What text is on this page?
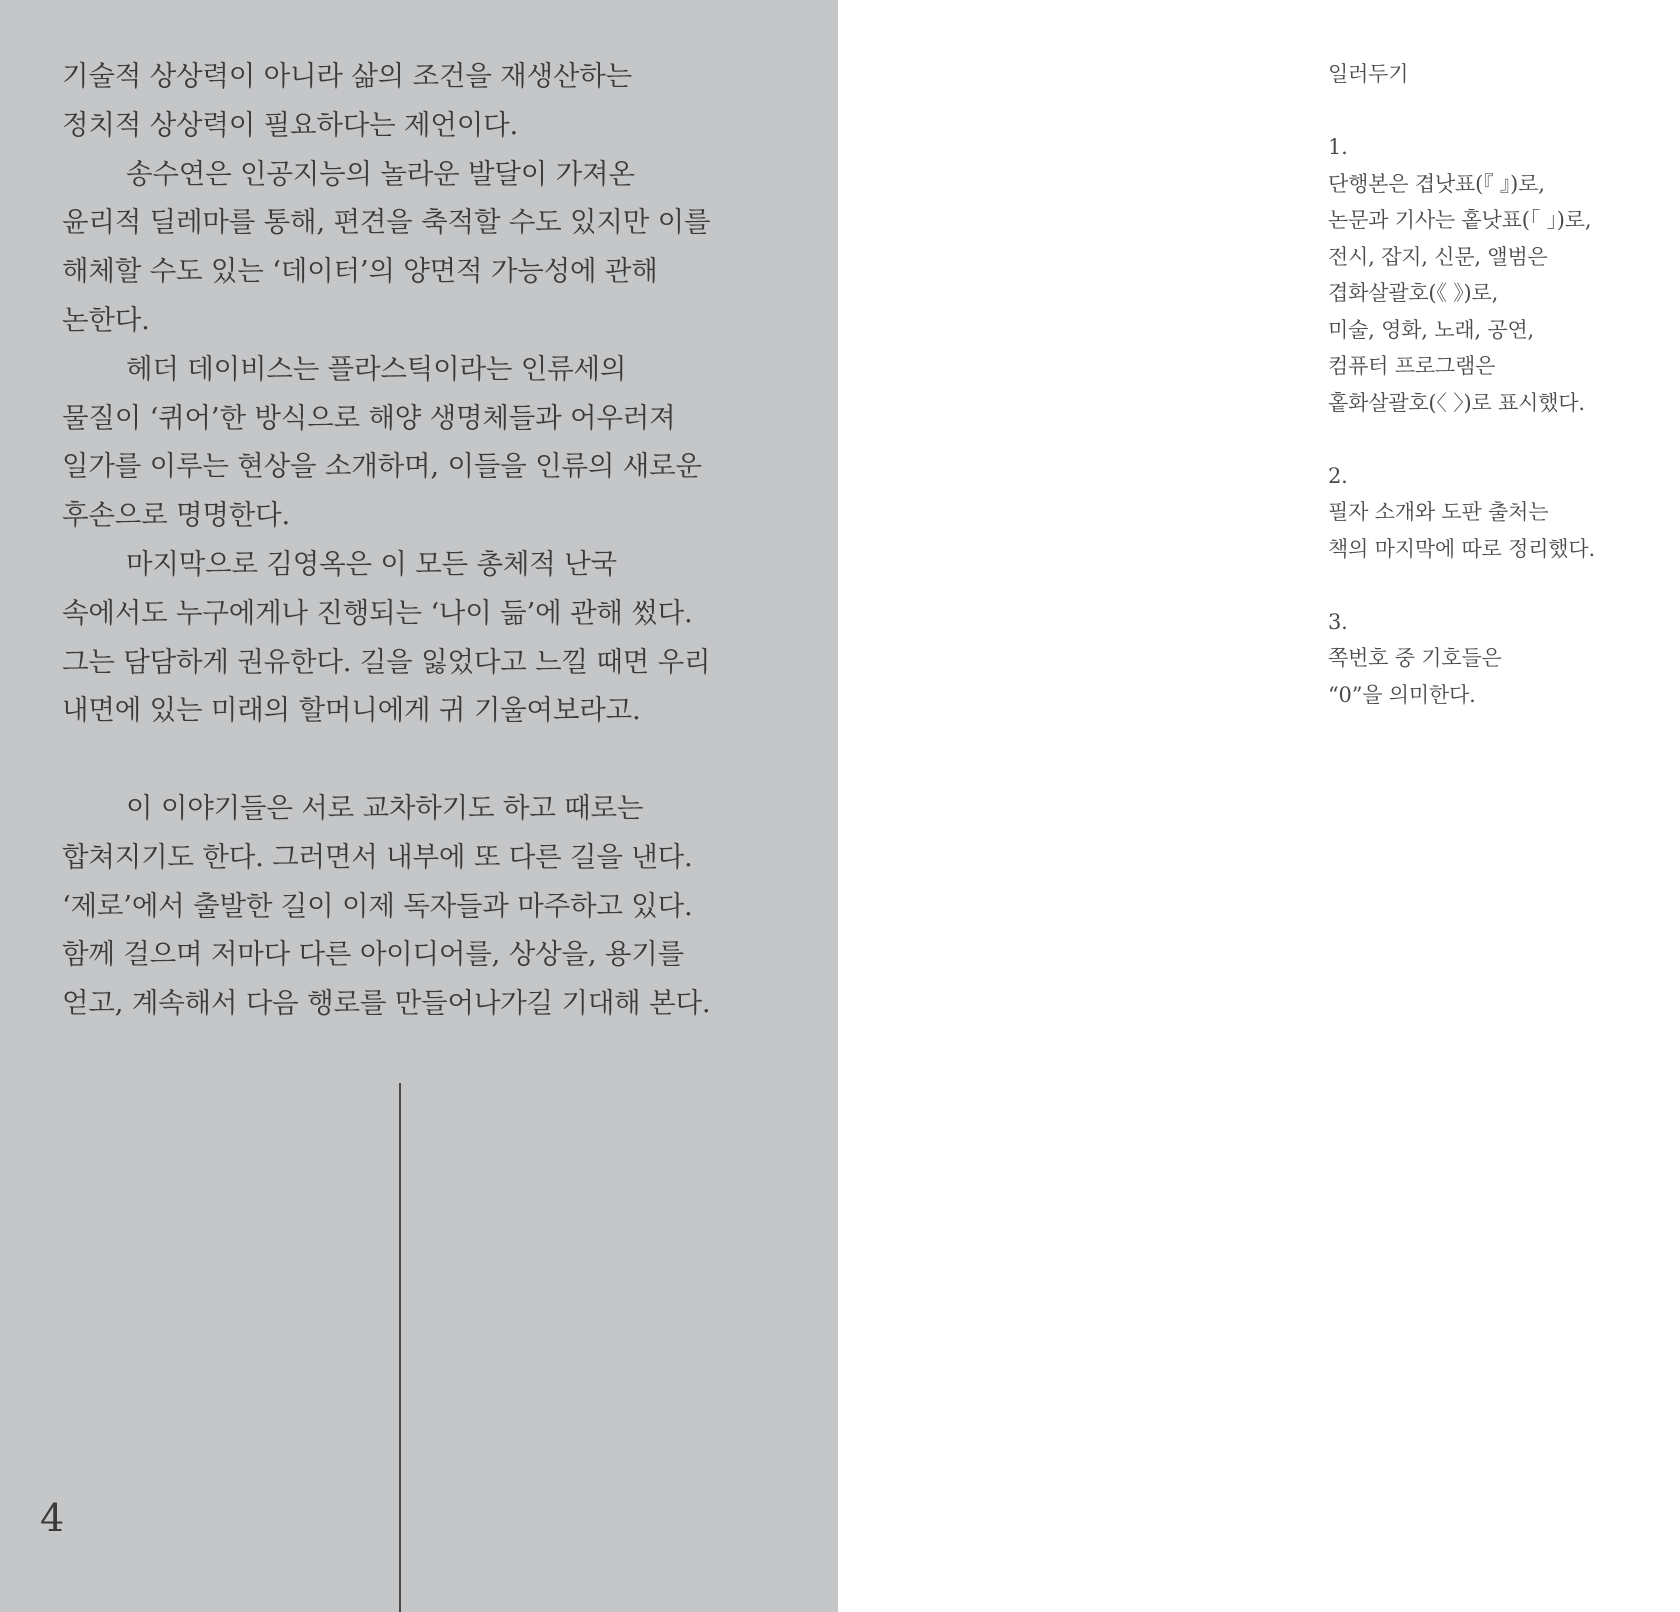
기술적 상상력이 아니라 삶의 조건을 재생산하는

정치적 상상력이 필요하다는 제언이다.

송수연은 인공지능의 놀라운 발달이 가져온

윤리적 딜레마를 통해, 편견을 축적할 수도 있지만 이를

해체할 수도 있는 ‘데이터’의 양면적 가능성에 관해

논한다.

헤더 데이비스는 플라스틱이라는 인류세의

물질이 ‘퀴어’한 방식으로 해양 생명체들과 어우러져

일가를 이루는 현상을 소개하며, 이들을 인류의 새로운

후손으로 명명한다.

마지막으로 김영옥은 이 모든 총체적 난국

속에서도 누구에게나 진행되는 ‘나이 듦’에 관해 썼다.

그는 담담하게 권유한다. 길을 잃었다고 느낄 때면 우리

내면에 있는 미래의 할머니에게 귀 기울여보라고.

이 이야기들은 서로 교차하기도 하고 때로는

합쳐지기도 한다. 그러면서 내부에 또 다른 길을 낸다.

‘제로’에서 출발한 길이 이제 독자들과 마주하고 있다.

함께 걸으며 저마다 다른 아이디어를, 상상을, 용기를

얻고, 계속해서 다음 행로를 만들어나가길 기대해 본다.

4
일러두기
1.
단행본은 겹낫표(『 』)로,
논문과 기사는 홑낫표(「 」)로,
전시, 잡지, 신문, 앨범은
겹화살괄호(《 》)로,
미술, 영화, 노래, 공연,
컴퓨터 프로그램은
홑화살괄호(〈 〉)로 표시했다.
2.
필자 소개와 도판 출처는
책의 마지막에 따로 정리했다.
3.
쪽번호 중 기호들은
“0”을 의미한다.
